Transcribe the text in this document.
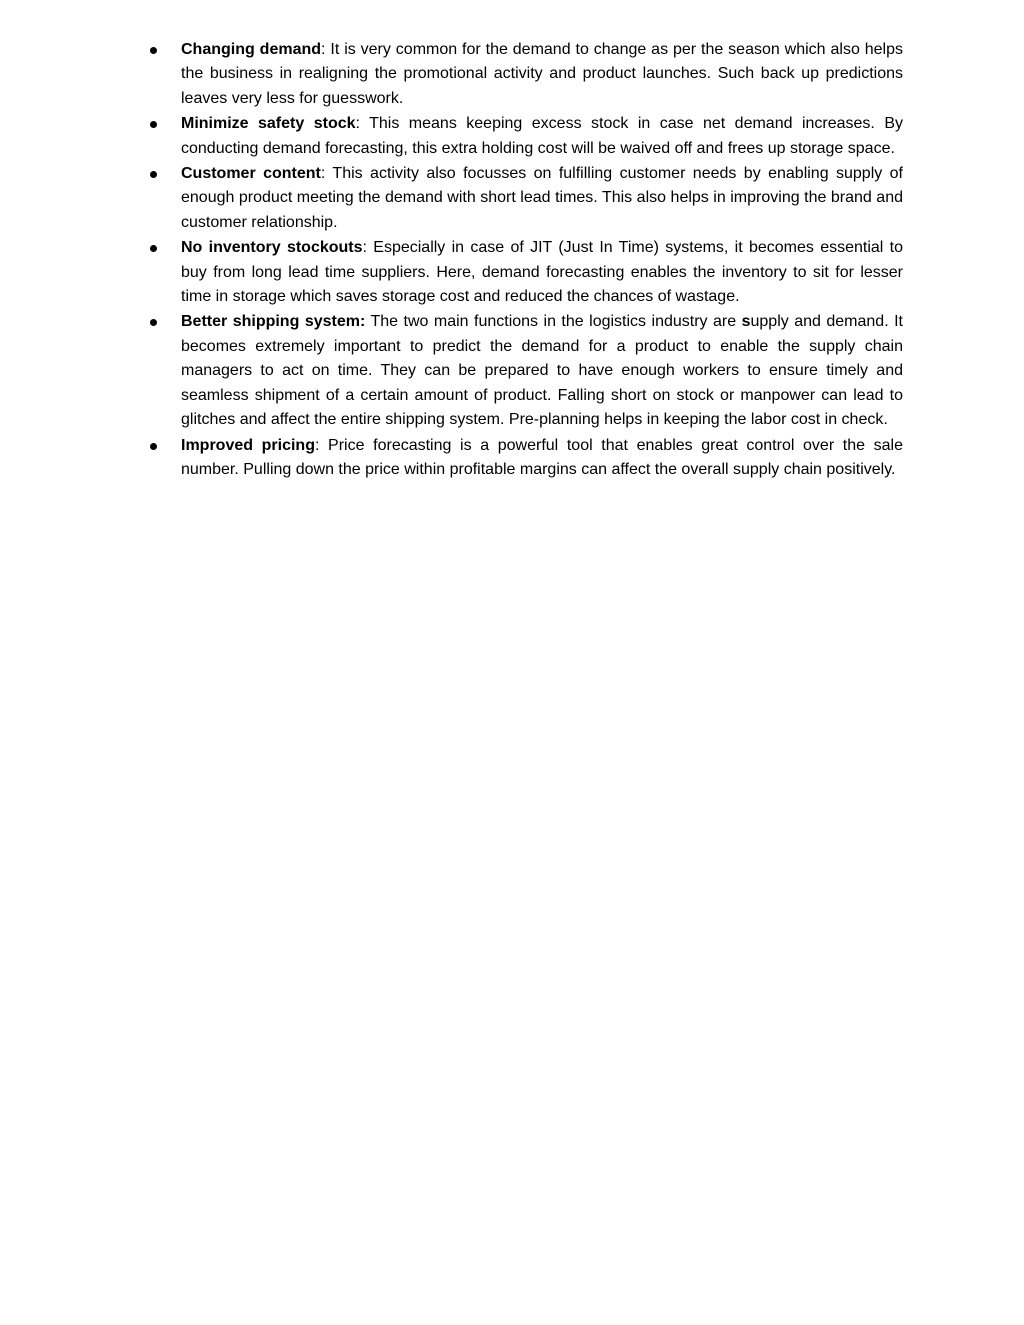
Changing demand: It is very common for the demand to change as per the season which also helps the business in realigning the promotional activity and product launches. Such back up predictions leaves very less for guesswork.
Minimize safety stock: This means keeping excess stock in case net demand increases. By conducting demand forecasting, this extra holding cost will be waived off and frees up storage space.
Customer content: This activity also focusses on fulfilling customer needs by enabling supply of enough product meeting the demand with short lead times. This also helps in improving the brand and customer relationship.
No inventory stockouts: Especially in case of JIT (Just In Time) systems, it becomes essential to buy from long lead time suppliers. Here, demand forecasting enables the inventory to sit for lesser time in storage which saves storage cost and reduced the chances of wastage.
Better shipping system: The two main functions in the logistics industry are supply and demand. It becomes extremely important to predict the demand for a product to enable the supply chain managers to act on time. They can be prepared to have enough workers to ensure timely and seamless shipment of a certain amount of product. Falling short on stock or manpower can lead to glitches and affect the entire shipping system. Pre-planning helps in keeping the labor cost in check.
Improved pricing: Price forecasting is a powerful tool that enables great control over the sale number. Pulling down the price within profitable margins can affect the overall supply chain positively.
